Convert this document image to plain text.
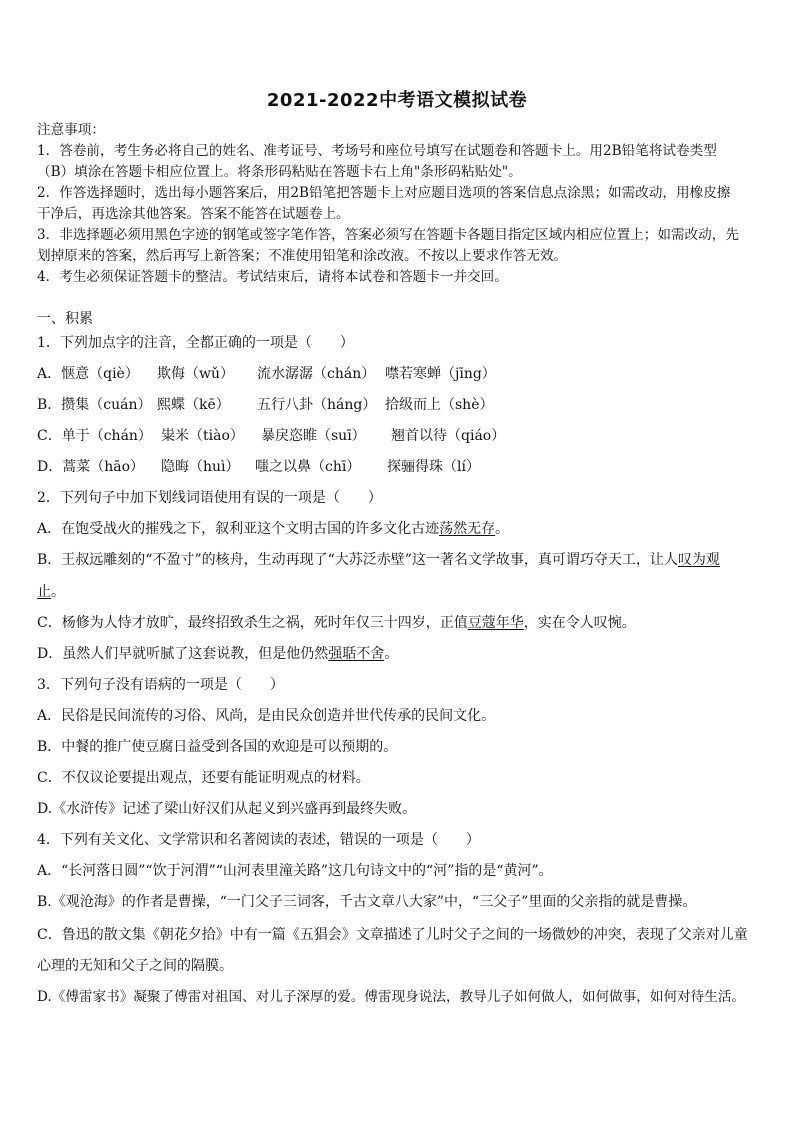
2021-2022中考语文模拟试卷
注意事项：
1．答卷前，考生务必将自己的姓名、准考证号、考场号和座位号填写在试题卷和答题卡上。用2B铅笔将试卷类型
（B）填涂在答题卡相应位置上。将条形码粘贴在答题卡右上角"条形码粘贴处"。
2．作答选择题时，选出每小题答案后，用2B铅笔把答题卡上对应题目选项的答案信息点涂黑；如需改动，用橡皮擦
干净后，再选涂其他答案。答案不能答在试题卷上。
3．非选择题必须用黑色字迹的钢笔或签字笔作答，答案必须写在答题卡各题目指定区域内相应位置上；如需改动，先
划掉原来的答案，然后再写上新答案；不准使用铅笔和涂改液。不按以上要求作答无效。
4．考生必须保证答题卡的整洁。考试结束后，请将本试卷和答题卡一并交回。
一、积累
1．下列加点字的注音，全都正确的一项是（　　）
A．惬意（qiè） 欺侮（wǔ） 流水潺潺（chán） 噤若寒蝉（jīng）
B．攒集（cuán） 熙蝶（kē） 五行八卦（háng） 拾级而上（shè）
C．单于（chán） 粜米（tiào） 暴戾恣睢（suī） 翘首以待（qiáo）
D．蒿菜（hāo） 隐晦（huì） 嗤之以鼻（chī） 探骊得珠（lí）
2．下列句子中加下划线词语使用有误的一项是（　　）
A．在饱受战火的摧残之下，叙利亚这个文明古国的许多文化古迹荡然无存。
B．王叔远雕刻的“不盈寸”的核舟，生动再现了“大苏泛赤壁”这一著名文学故事，真可谓巧夺天工，让人叹为观
止。
C．杨修为人恃才放旷，最终招致杀生之祸，死时年仅三十四岁，正值豆蔻年华，实在令人叹惋。
D．虽然人们早就听腻了这套说教，但是他仍然强聒不舍。
3．下列句子没有语病的一项是（　　）
A．民俗是民间流传的习俗、风尚，是由民众创造并世代传承的民间文化。
B．中餐的推广使豆腐日益受到各国的欢迎是可以预期的。
C．不仅议论要提出观点，还要有能证明观点的材料。
D.《水浒传》记述了梁山好汉们从起义到兴盛再到最终失败。
4．下列有关文化、文学常识和名著阅读的表述，错误的一项是（　　）
A．“长河落日圆”“饮于河渭”“山河表里潼关路”这几句诗文中的“河”指的是“黄河”。
B.《观沧海》的作者是曹操，“一门父子三词客，千古文章八大家”中，“三父子”里面的父亲指的就是曹操。
C．鲁迅的散文集《朝花夕拾》中有一篇《五猖会》文章描述了儿时父子之间的一场微妙的冲突，表现了父亲对儿童
心理的无知和父子之间的隔膜。
D.《傅雷家书》凝聚了傅雷对祖国、对儿子深厚的爱。傅雷现身说法，教导儿子如何做人，如何做事，如何对待生活。
